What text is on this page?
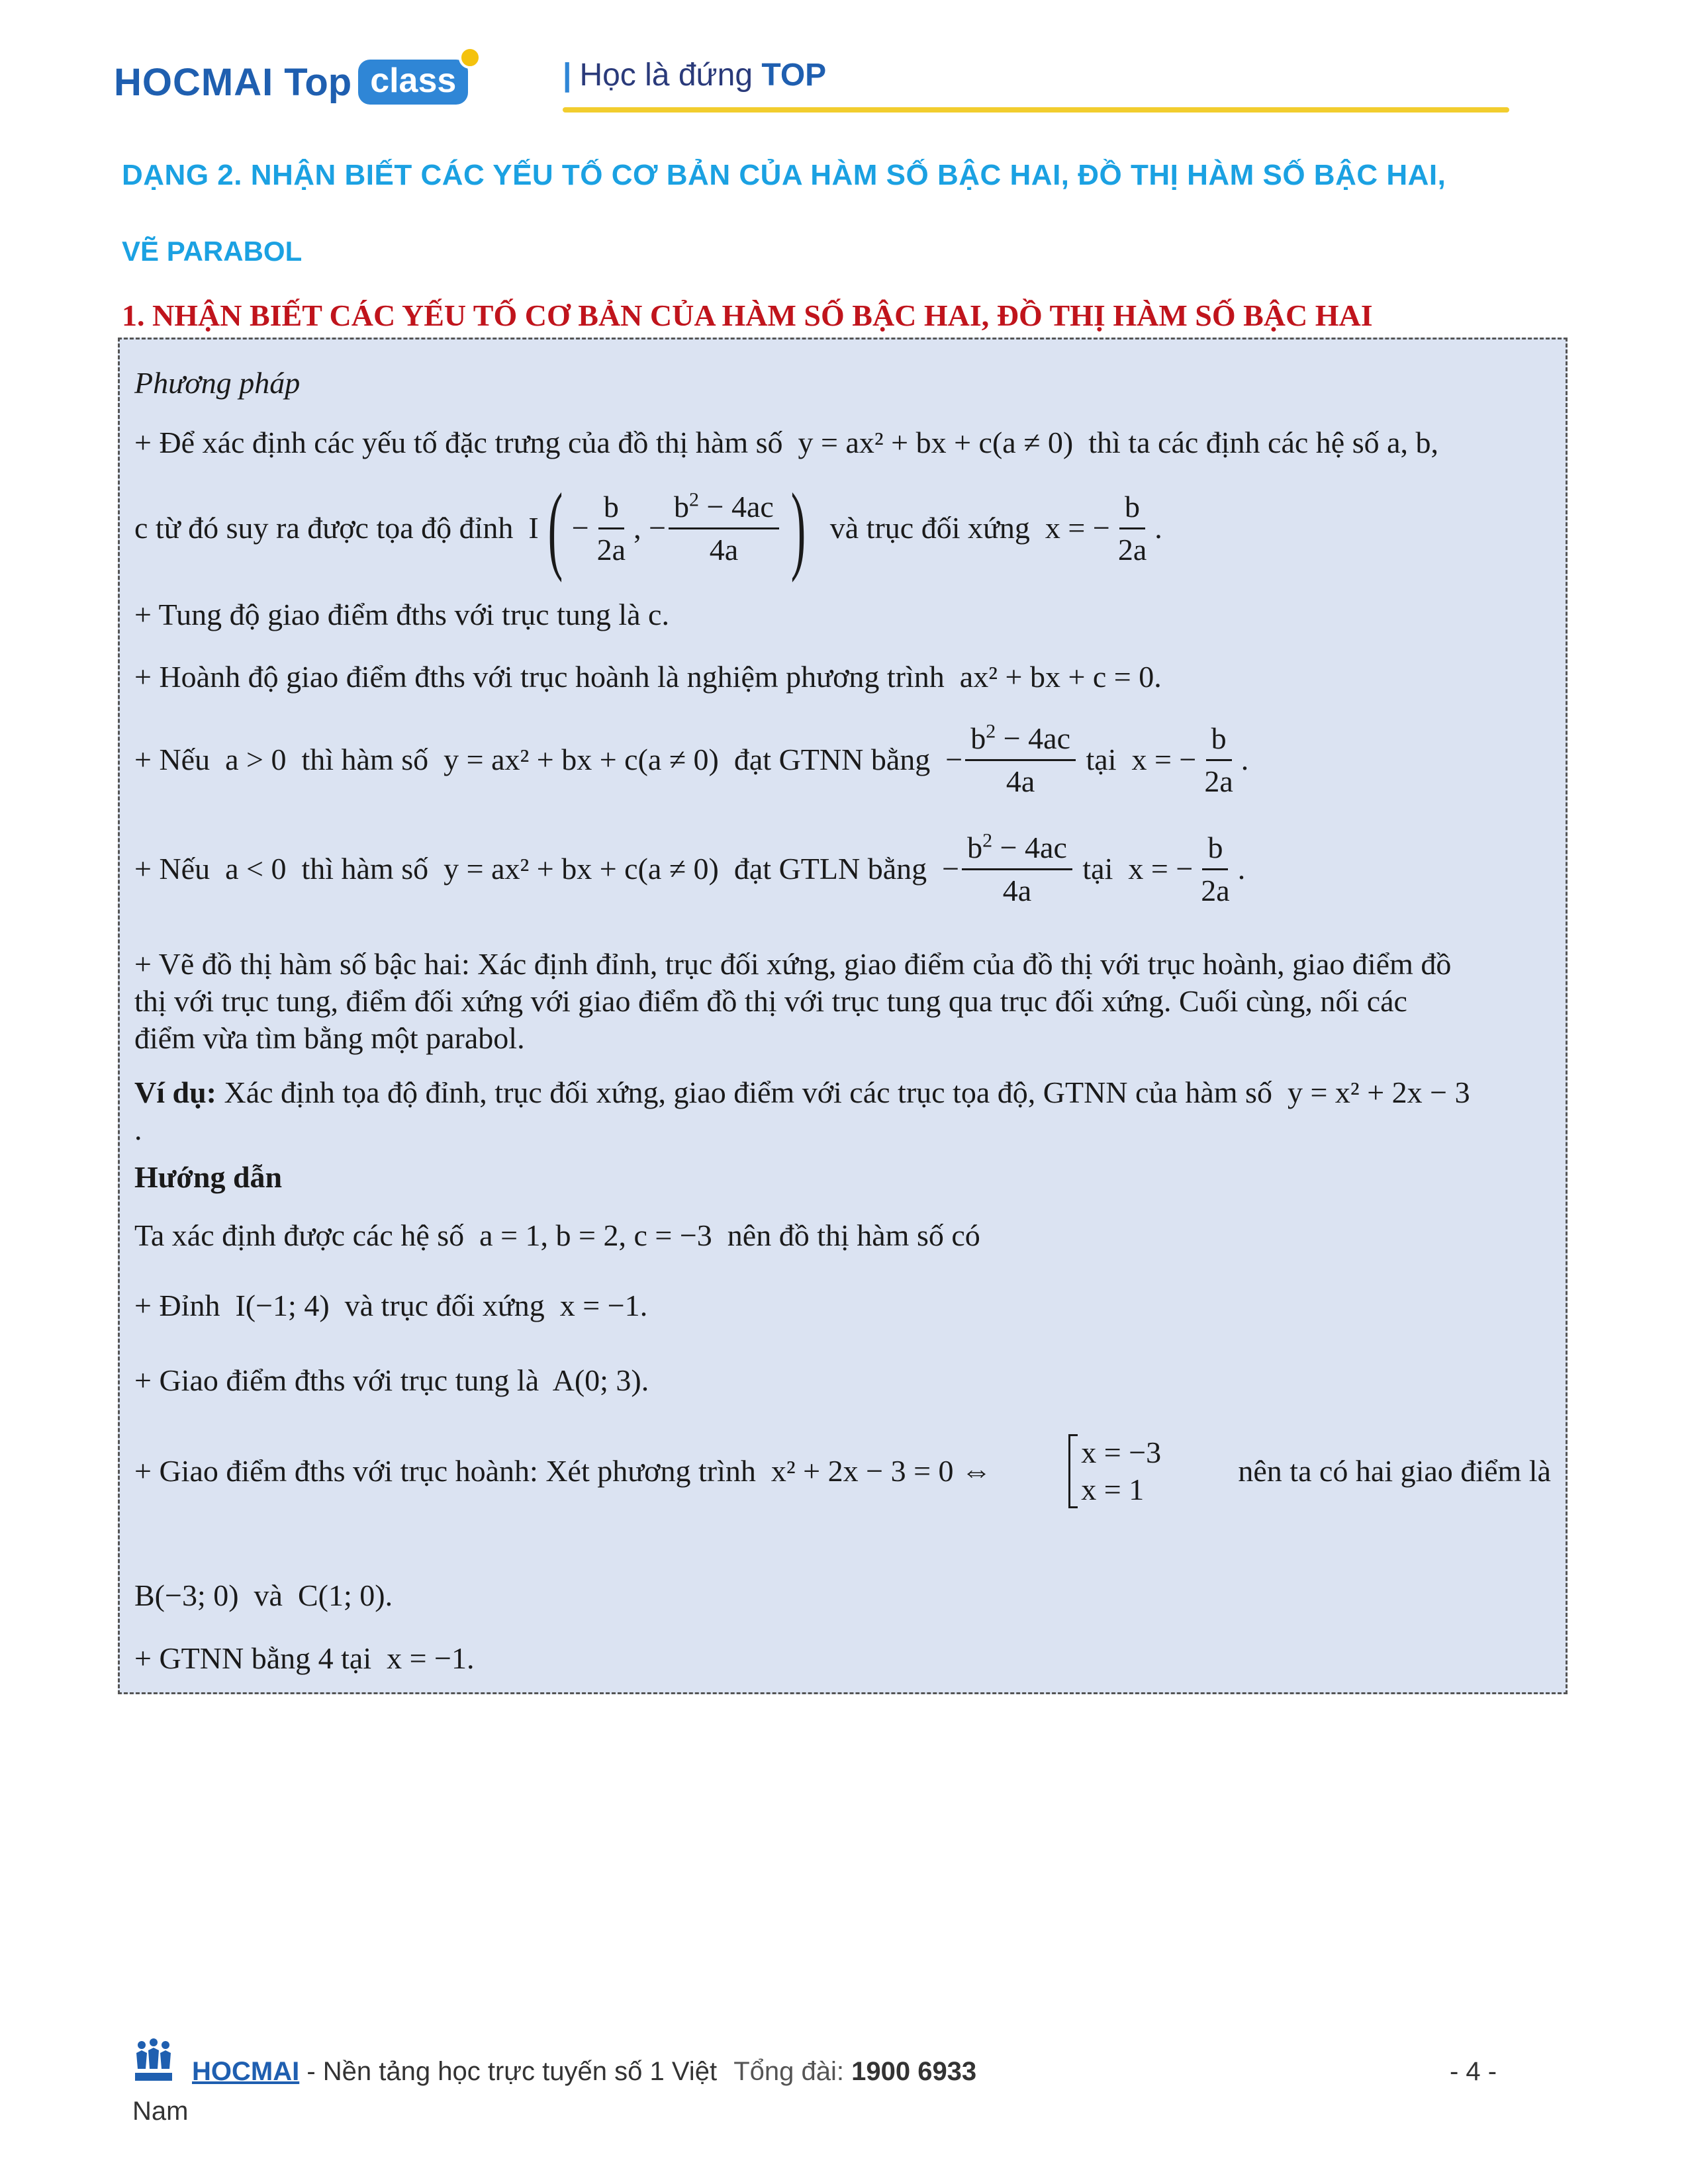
HOCMAI Top class	| Học là đứng TOP
DẠNG 2. NHẬN BIẾT CÁC YẾU TỐ CƠ BẢN CỦA HÀM SỐ BẬC HAI, ĐỒ THỊ HÀM SỐ BẬC HAI,
VẼ PARABOL
1. NHẬN BIẾT CÁC YẾU TỐ CƠ BẢN CỦA HÀM SỐ BẬC HAI, ĐỒ THỊ HÀM SỐ BẬC HAI
Phương pháp
+ Để xác định các yếu tố đặc trưng của đồ thị hàm số y = ax² + bx + c(a ≠ 0) thì ta các định các hệ số a, b,
c từ đó suy ra được tọa độ đỉnh
I ( − $\frac{b}{2a}$ , − $\frac{b^2 - 4ac}{4a}$ )
và trục đối xứng
x = − $\frac{b}{2a}$ .
+ Tung độ giao điểm đths với trục tung là c.
+ Hoành độ giao điểm đths với trục hoành là nghiệm phương trình ax² + bx + c = 0.
+ Nếu
a > 0
thì hàm số
y = ax² + bx + c(a ≠ 0)
đạt GTNN bằng
− $\frac{b^2 - 4ac}{4a}$
tại
x = − $\frac{b}{2a}$ .
+ Nếu
a < 0
thì hàm số
y = ax² + bx + c(a ≠ 0)
đạt GTLN bằng
− $\frac{b^2 - 4ac}{4a}$
tại
x = − $\frac{b}{2a}$ .
+ Vẽ đồ thị hàm số bậc hai: Xác định đỉnh, trục đối xứng, giao điểm của đồ thị với trục hoành, giao điểm đồ
thị với trục tung, điểm đối xứng với giao điểm đồ thị với trục tung qua trục đối xứng. Cuối cùng, nối các
điểm vừa tìm bằng một parabol.
Ví dụ: Xác định tọa độ đỉnh, trục đối xứng, giao điểm với các trục tọa độ, GTNN của hàm số y = x² + 2x − 3
.
Hướng dẫn
Ta xác định được các hệ số a = 1, b = 2, c = −3 nên đồ thị hàm số có
+ Đỉnh I(−1; 4) và trục đối xứng x = −1.
+ Giao điểm đths với trục tung là A(0; 3).
+ Giao điểm đths với trục hoành: Xét phương trình x² + 2x − 3 = 0 ⇔
x = −3
x = 1
nên ta có hai giao điểm là
B(−3; 0) và C(1; 0).
+ GTNN bằng 4 tại x = −1.
HOCMAI - Nền tảng học trực tuyến số 1 Việt Tổng đài: 1900 6933	- 4 -
Nam
